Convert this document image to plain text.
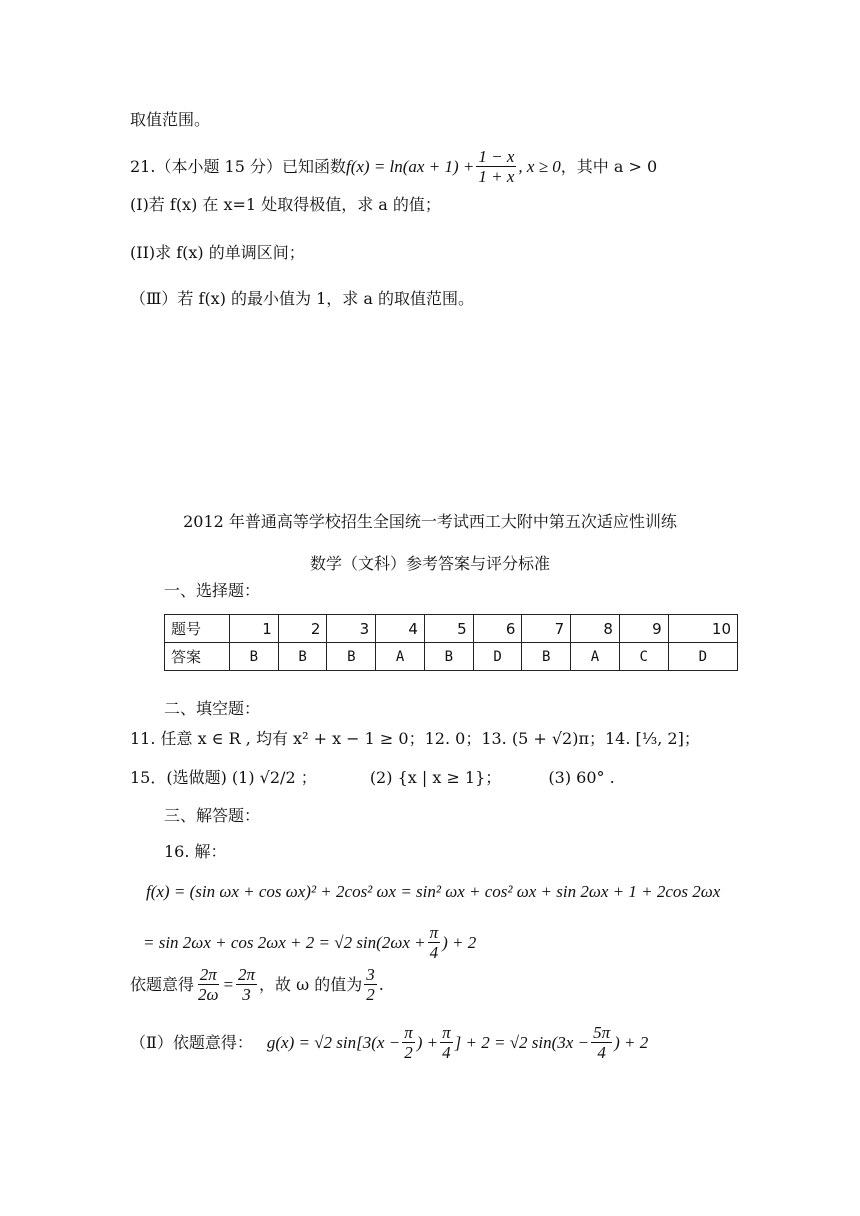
取值范围。
21.（本小题 15 分）已知函数 $f(x) = \ln(ax + 1) + \frac{1 - x}{1 + x}$ , x ≥ 0 ，其中 a > 0
(I)若 f(x) 在 x=1 处取得极值，求 a 的值；
(II)求 f(x) 的单调区间；
（Ⅲ）若 f(x) 的最小值为 1，求 a 的取值范围。
2012 年普通高等学校招生全国统一考试西工大附中第五次适应性训练
数学（文科）参考答案与评分标准
一、选择题：
题号	1	2	3	4	5	6	7	8	9	10
答案	B	B	B	A	B	D	B	A	C	D
二、填空题：
11. 任意 x ∈ R , 均有 x² + x − 1 ≥ 0；12. 0；13. (5 + √2)π；14. [⅓, 2]；
15．(选做题) (1) √2/2 ；	(2) {x | x ≥ 1}；	(3) 60° .
三、解答题：
16. 解：
f(x) = (sin ωx + cos ωx)² + 2cos² ωx = sin² ωx + cos² ωx + sin 2ωx + 1 + 2cos 2ωx
= sin 2ωx + cos 2ωx + 2 = √2 $\sin(2\omega x + \frac{\pi}{4}$ ) + 2
依题意得 $\frac{2\pi}{2\omega} = \frac{2\pi}{3}$ ，故 ω 的值为 $\frac{3}{2}$ .
（Ⅱ）依题意得： g(x) = √2 $\sin[3(x - \frac{\pi}{2}$ ) + $\frac{\pi}{4}$ ] + 2 = √2 $\sin(3x - \frac{5\pi}{4}$ ) + 2
